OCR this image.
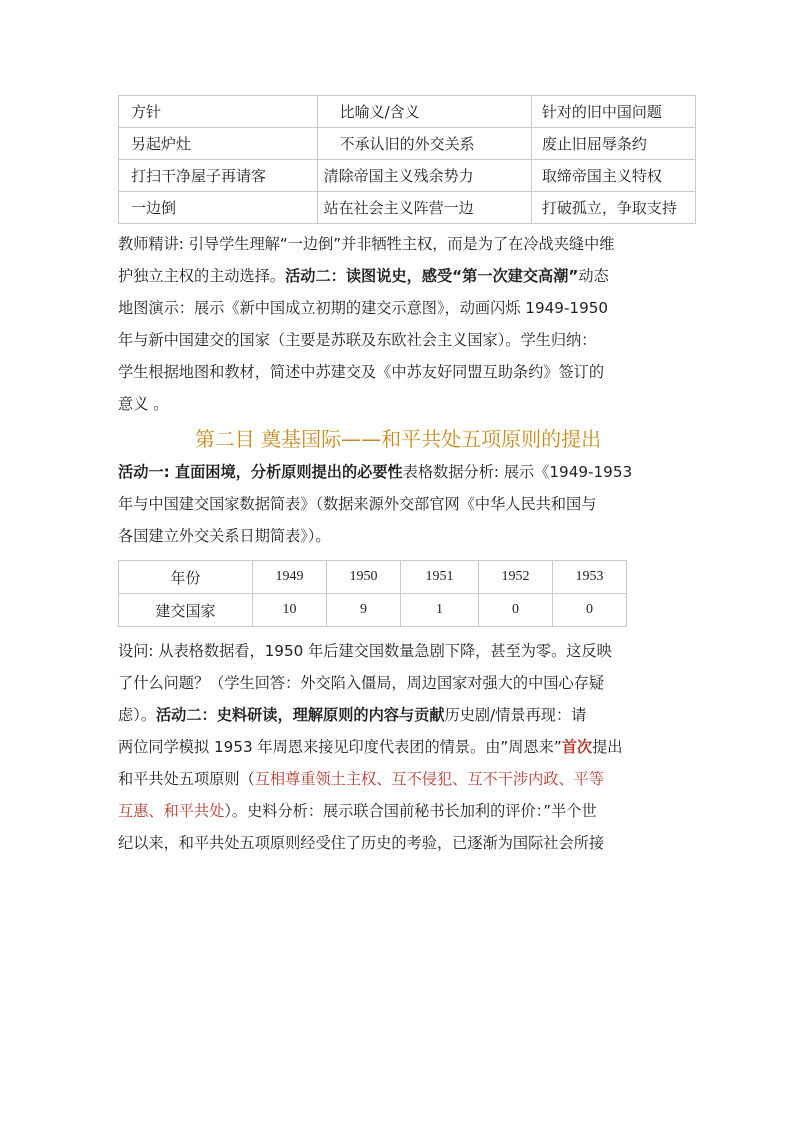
方针	比喻义/含义	针对的旧中国问题
另起炉灶	不承认旧的外交关系	废止旧屈辱条约
打扫干净屋子再请客	清除帝国主义残余势力	取缔帝国主义特权
一边倒	站在社会主义阵营一边	打破孤立，争取支持

教师精讲: 引导学生理解“一边倒”并非牺牲主权，而是为了在冷战夹缝中维

护独立主权的主动选择。活动二：读图说史，感受“第一次建交高潮”动态

地图演示：展示《新中国成立初期的建交示意图》，动画闪烁 1949-1950

年与新中国建交的国家（主要是苏联及东欧社会主义国家）。学生归纳：

学生根据地图和教材，简述中苏建交及《中苏友好同盟互助条约》签订的

意义 。

第二目 奠基国际——和平共处五项原则的提出

活动一: 直面困境，分析原则提出的必要性表格数据分析: 展示《1949-1953

年与中国建交国家数据简表》（数据来源外交部官网《中华人民共和国与

各国建立外交关系日期简表》）。

年份	1949	1950	1951	1952	1953
建交国家	10	9	1	0	0

设问: 从表格数据看，1950 年后建交国数量急剧下降，甚至为零。这反映

了什么问题？（学生回答：外交陷入僵局，周边国家对强大的中国心存疑

虑）。活动二：史料研读，理解原则的内容与贡献历史剧/情景再现：请

两位同学模拟 1953 年周恩来接见印度代表团的情景。由”周恩来”首次提出

和平共处五项原则（互相尊重领土主权、互不侵犯、互不干涉内政、平等

互惠、和平共处）。史料分析：展示联合国前秘书长加利的评价：”半个世

纪以来，和平共处五项原则经受住了历史的考验，已逐渐为国际社会所接
